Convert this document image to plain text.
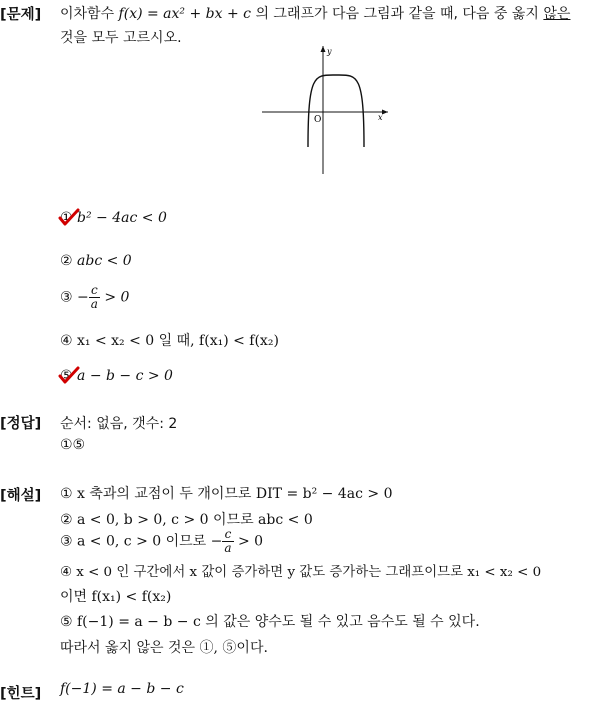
[문제] 이차함수 f(x) = ax² + bx + c 의 그래프가 다음 그림과 같을 때, 다음 중 옳지 않은
것을 모두 고르시오.
y
x
O
① b² − 4ac < 0
② abc < 0
③ − $\frac{c}{a} > 0$
④ x₁ < x₂ < 0 일 때, f(x₁) < f(x₂)
⑤ a − b − c > 0
[정답] 순서: 없음, 갯수: 2
①⑤
[해설] ① x 축과의 교점이 두 개이므로 DIT = b² − 4ac > 0
② a < 0, b > 0, c > 0 이므로 abc < 0
③ a < 0, c > 0 이므로 − $\frac{c}{a} > 0$
④ x < 0 인 구간에서 x 값이 증가하면 y 값도 증가하는 그래프이므로 x₁ < x₂ < 0
이면 f(x₁) < f(x₂)
⑤ f(−1) = a − b − c 의 값은 양수도 될 수 있고 음수도 될 수 있다.
따라서 옳지 않은 것은 ①, ⑤이다.
[힌트] f(−1) = a − b − c
